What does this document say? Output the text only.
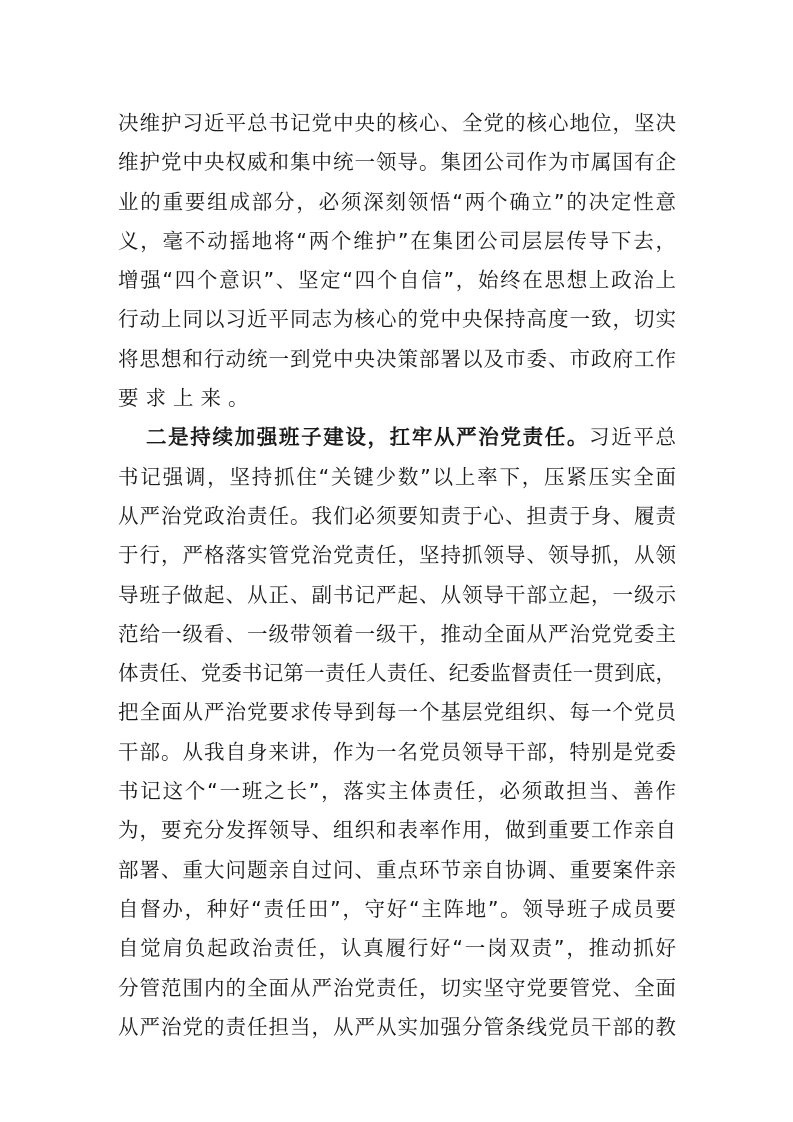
决维护习近平总书记党中央的核心、全党的核心地位，坚决
维护党中央权威和集中统一领导。集团公司作为市属国有企
业的重要组成部分，必须深刻领悟“两个确立”的决定性意
义，毫不动摇地将“两个维护”在集团公司层层传导下去，
增强“四个意识”、坚定“四个自信”，始终在思想上政治上
行动上同以习近平同志为核心的党中央保持高度一致，切实
将思想和行动统一到党中央决策部署以及市委、市政府工作
要求上来。
二是持续加强班子建设，扛牢从严治党责任。习近平总
书记强调，坚持抓住“关键少数”以上率下，压紧压实全面
从严治党政治责任。我们必须要知责于心、担责于身、履责
于行，严格落实管党治党责任，坚持抓领导、领导抓，从领
导班子做起、从正、副书记严起、从领导干部立起，一级示
范给一级看、一级带领着一级干，推动全面从严治党党委主
体责任、党委书记第一责任人责任、纪委监督责任一贯到底，
把全面从严治党要求传导到每一个基层党组织、每一个党员
干部。从我自身来讲，作为一名党员领导干部，特别是党委
书记这个“一班之长”，落实主体责任，必须敢担当、善作
为，要充分发挥领导、组织和表率作用，做到重要工作亲自
部署、重大问题亲自过问、重点环节亲自协调、重要案件亲
自督办，种好“责任田”，守好“主阵地”。领导班子成员要
自觉肩负起政治责任，认真履行好“一岗双责”，推动抓好
分管范围内的全面从严治党责任，切实坚守党要管党、全面
从严治党的责任担当，从严从实加强分管条线党员干部的教
